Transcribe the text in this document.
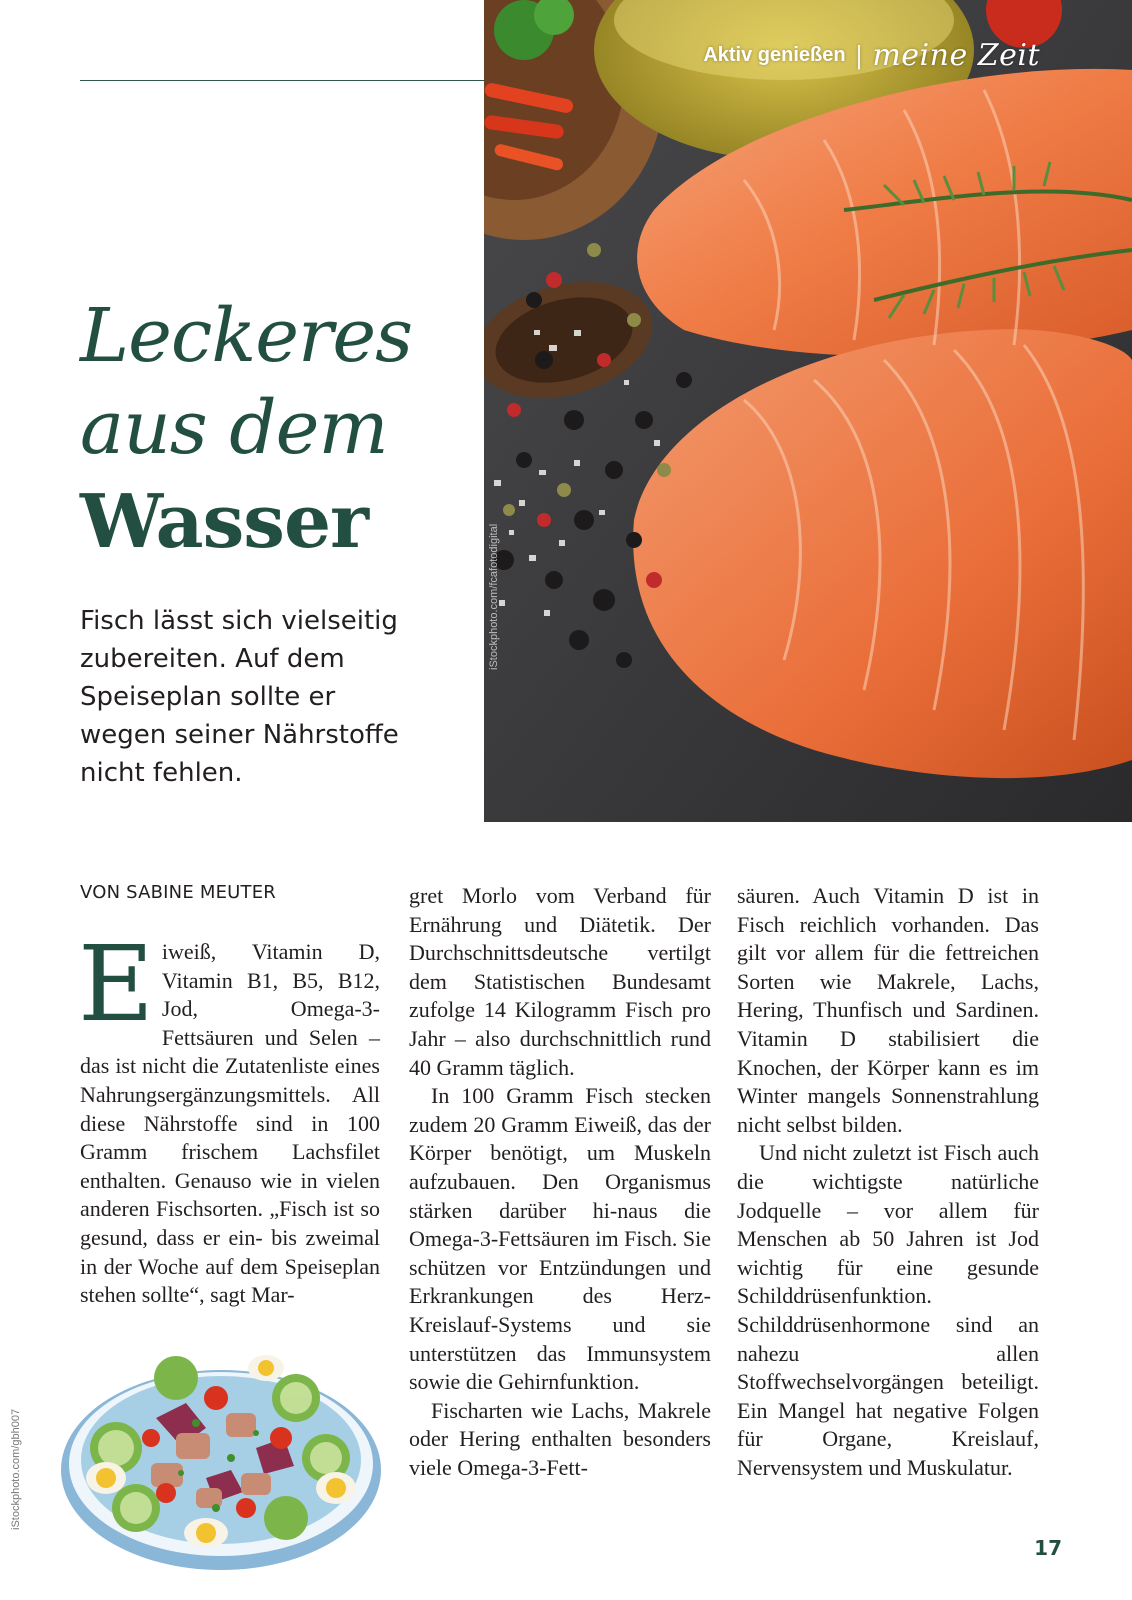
Aktiv genießen | meine Zeit
iStockphoto.com/fcafotodigital
Leckeres
aus dem
Wasser
Fisch lässt sich vielseitig zubereiten. Auf dem Speiseplan sollte er wegen seiner Nährstoffe nicht fehlen.
VON SABINE MEUTER

Eiweiß, Vitamin D, Vitamin B1, B5, B12, Jod, Omega-3-Fettsäuren und Selen – das ist nicht die Zutatenliste eines Nahrungsergänzungsmittels. All diese Nährstoffe sind in 100 Gramm frischem Lachsfilet enthalten. Genauso wie in vielen anderen Fischsorten. „Fisch ist so gesund, dass er ein- bis zweimal in der Woche auf dem Speiseplan stehen sollte“, sagt Mar-

gret Morlo vom Verband für Ernährung und Diätetik. Der Durchschnittsdeutsche vertilgt dem Statistischen Bundesamt zufolge 14 Kilogramm Fisch pro Jahr – also durchschnittlich rund 40 Gramm täglich.

In 100 Gramm Fisch stecken zudem 20 Gramm Eiweiß, das der Körper benötigt, um Muskeln aufzubauen. Den Organismus stärken darüber hi-naus die Omega-3-Fettsäuren im Fisch. Sie schützen vor Entzündungen und Erkrankungen des Herz-Kreislauf-Systems und sie unterstützen das Immunsystem sowie die Gehirnfunktion.

Fischarten wie Lachs, Makrele oder Hering enthalten besonders viele Omega-3-Fett-

säuren. Auch Vitamin D ist in Fisch reichlich vorhanden. Das gilt vor allem für die fettreichen Sorten wie Makrele, Lachs, Hering, Thunfisch und Sardinen. Vitamin D stabilisiert die Knochen, der Körper kann es im Winter mangels Sonnenstrahlung nicht selbst bilden.

Und nicht zuletzt ist Fisch auch die wichtigste natürliche Jodquelle – vor allem für Menschen ab 50 Jahren ist Jod wichtig für eine gesunde Schilddrüsenfunktion. Schilddrüsenhormone sind an nahezu allen Stoffwechselvorgängen beteiligt. Ein Mangel hat negative Folgen für Organe, Kreislauf, Nervensystem und Muskulatur.

iStockphoto.com/gbh007
17
